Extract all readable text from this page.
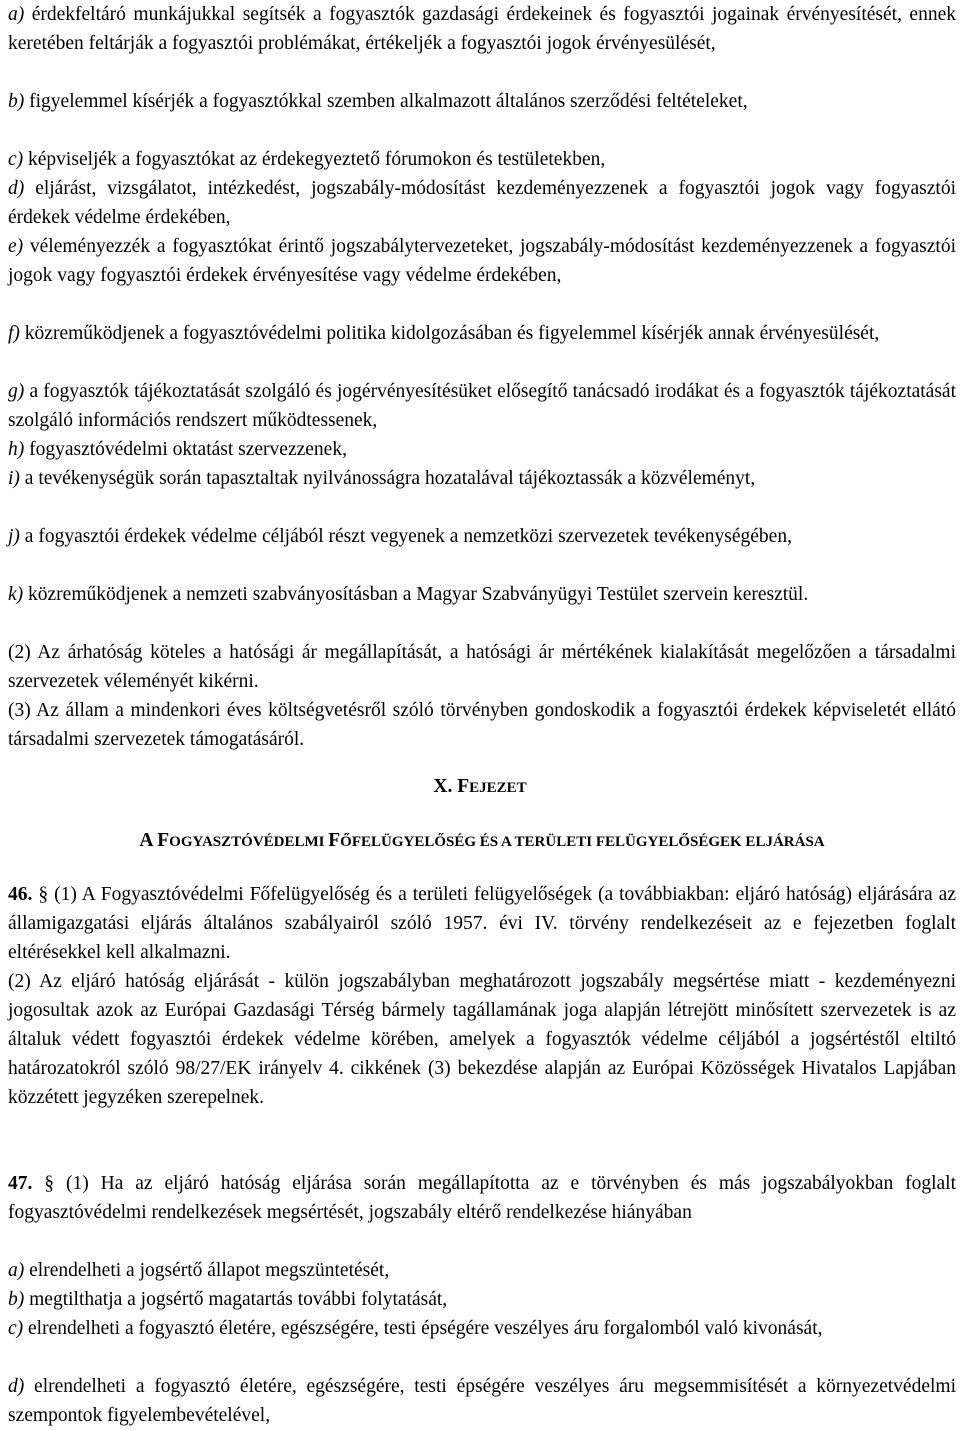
a) érdekfeltáró munkájukkal segítsék a fogyasztók gazdasági érdekeinek és fogyasztói jogainak érvényesítését, ennek keretében feltárják a fogyasztói problémákat, értékeljék a fogyasztói jogok érvényesülését,
b) figyelemmel kísérjék a fogyasztókkal szemben alkalmazott általános szerződési feltételeket,
c) képviseljék a fogyasztókat az érdekegyeztető fórumokon és testületekben,
d) eljárást, vizsgálatot, intézkedést, jogszabály-módosítást kezdeményezzenek a fogyasztói jogok vagy fogyasztói érdekek védelme érdekében,
e) véleményezzék a fogyasztókat érintő jogszabálytervezeteket, jogszabály-módosítást kezdeményezzenek a fogyasztói jogok vagy fogyasztói érdekek érvényesítése vagy védelme érdekében,
f) közreműködjenek a fogyasztóvédelmi politika kidolgozásában és figyelemmel kísérjék annak érvényesülését,
g) a fogyasztók tájékoztatását szolgáló és jogérvényesítésüket elősegítő tanácsadó irodákat és a fogyasztók tájékoztatását szolgáló információs rendszert működtessenek,
h) fogyasztóvédelmi oktatást szervezzenek,
i) a tevékenységük során tapasztaltak nyilvánosságra hozatalával tájékoztassák a közvéleményt,
j) a fogyasztói érdekek védelme céljából részt vegyenek a nemzetközi szervezetek tevékenységében,
k) közreműködjenek a nemzeti szabványosításban a Magyar Szabványügyi Testület szervein keresztül.
(2) Az árhatóság köteles a hatósági ár megállapítását, a hatósági ár mértékének kialakítását megelőzően a társadalmi szervezetek véleményét kikérni.
(3) Az állam a mindenkori éves költségvetésről szóló törvényben gondoskodik a fogyasztói érdekek képviseletét ellátó társadalmi szervezetek támogatásáról.
X. FEJEZET
A FOGYASZTÓVÉDELMI FŐFELÜGYELŐSÉG ÉS A TERÜLETI FELÜGYELŐSÉGEK ELJÁRÁSA
46. § (1) A Fogyasztóvédelmi Főfelügyelőség és a területi felügyelőségek (a továbbiakban: eljáró hatóság) eljárására az államigazgatási eljárás általános szabályairól szóló 1957. évi IV. törvény rendelkezéseit az e fejezetben foglalt eltérésekkel kell alkalmazni.
(2) Az eljáró hatóság eljárását - külön jogszabályban meghatározott jogszabály megsértése miatt - kezdeményezni jogosultak azok az Európai Gazdasági Térség bármely tagállamának joga alapján létrejött minősített szervezetek is az általuk védett fogyasztói érdekek védelme körében, amelyek a fogyasztók védelme céljából a jogsértéstől eltiltó határozatokról szóló 98/27/EK irányelv 4. cikkének (3) bekezdése alapján az Európai Közösségek Hivatalos Lapjában közzétett jegyzéken szerepelnek.
47. § (1) Ha az eljáró hatóság eljárása során megállapította az e törvényben és más jogszabályokban foglalt fogyasztóvédelmi rendelkezések megsértését, jogszabály eltérő rendelkezése hiányában
a) elrendelheti a jogsértő állapot megszüntetését,
b) megtilthatja a jogsértő magatartás további folytatását,
c) elrendelheti a fogyasztó életére, egészségére, testi épségére veszélyes áru forgalomból való kivonását,
d) elrendelheti a fogyasztó életére, egészségére, testi épségére veszélyes áru megsemmisítését a környezetvédelmi szempontok figyelembevételével,
